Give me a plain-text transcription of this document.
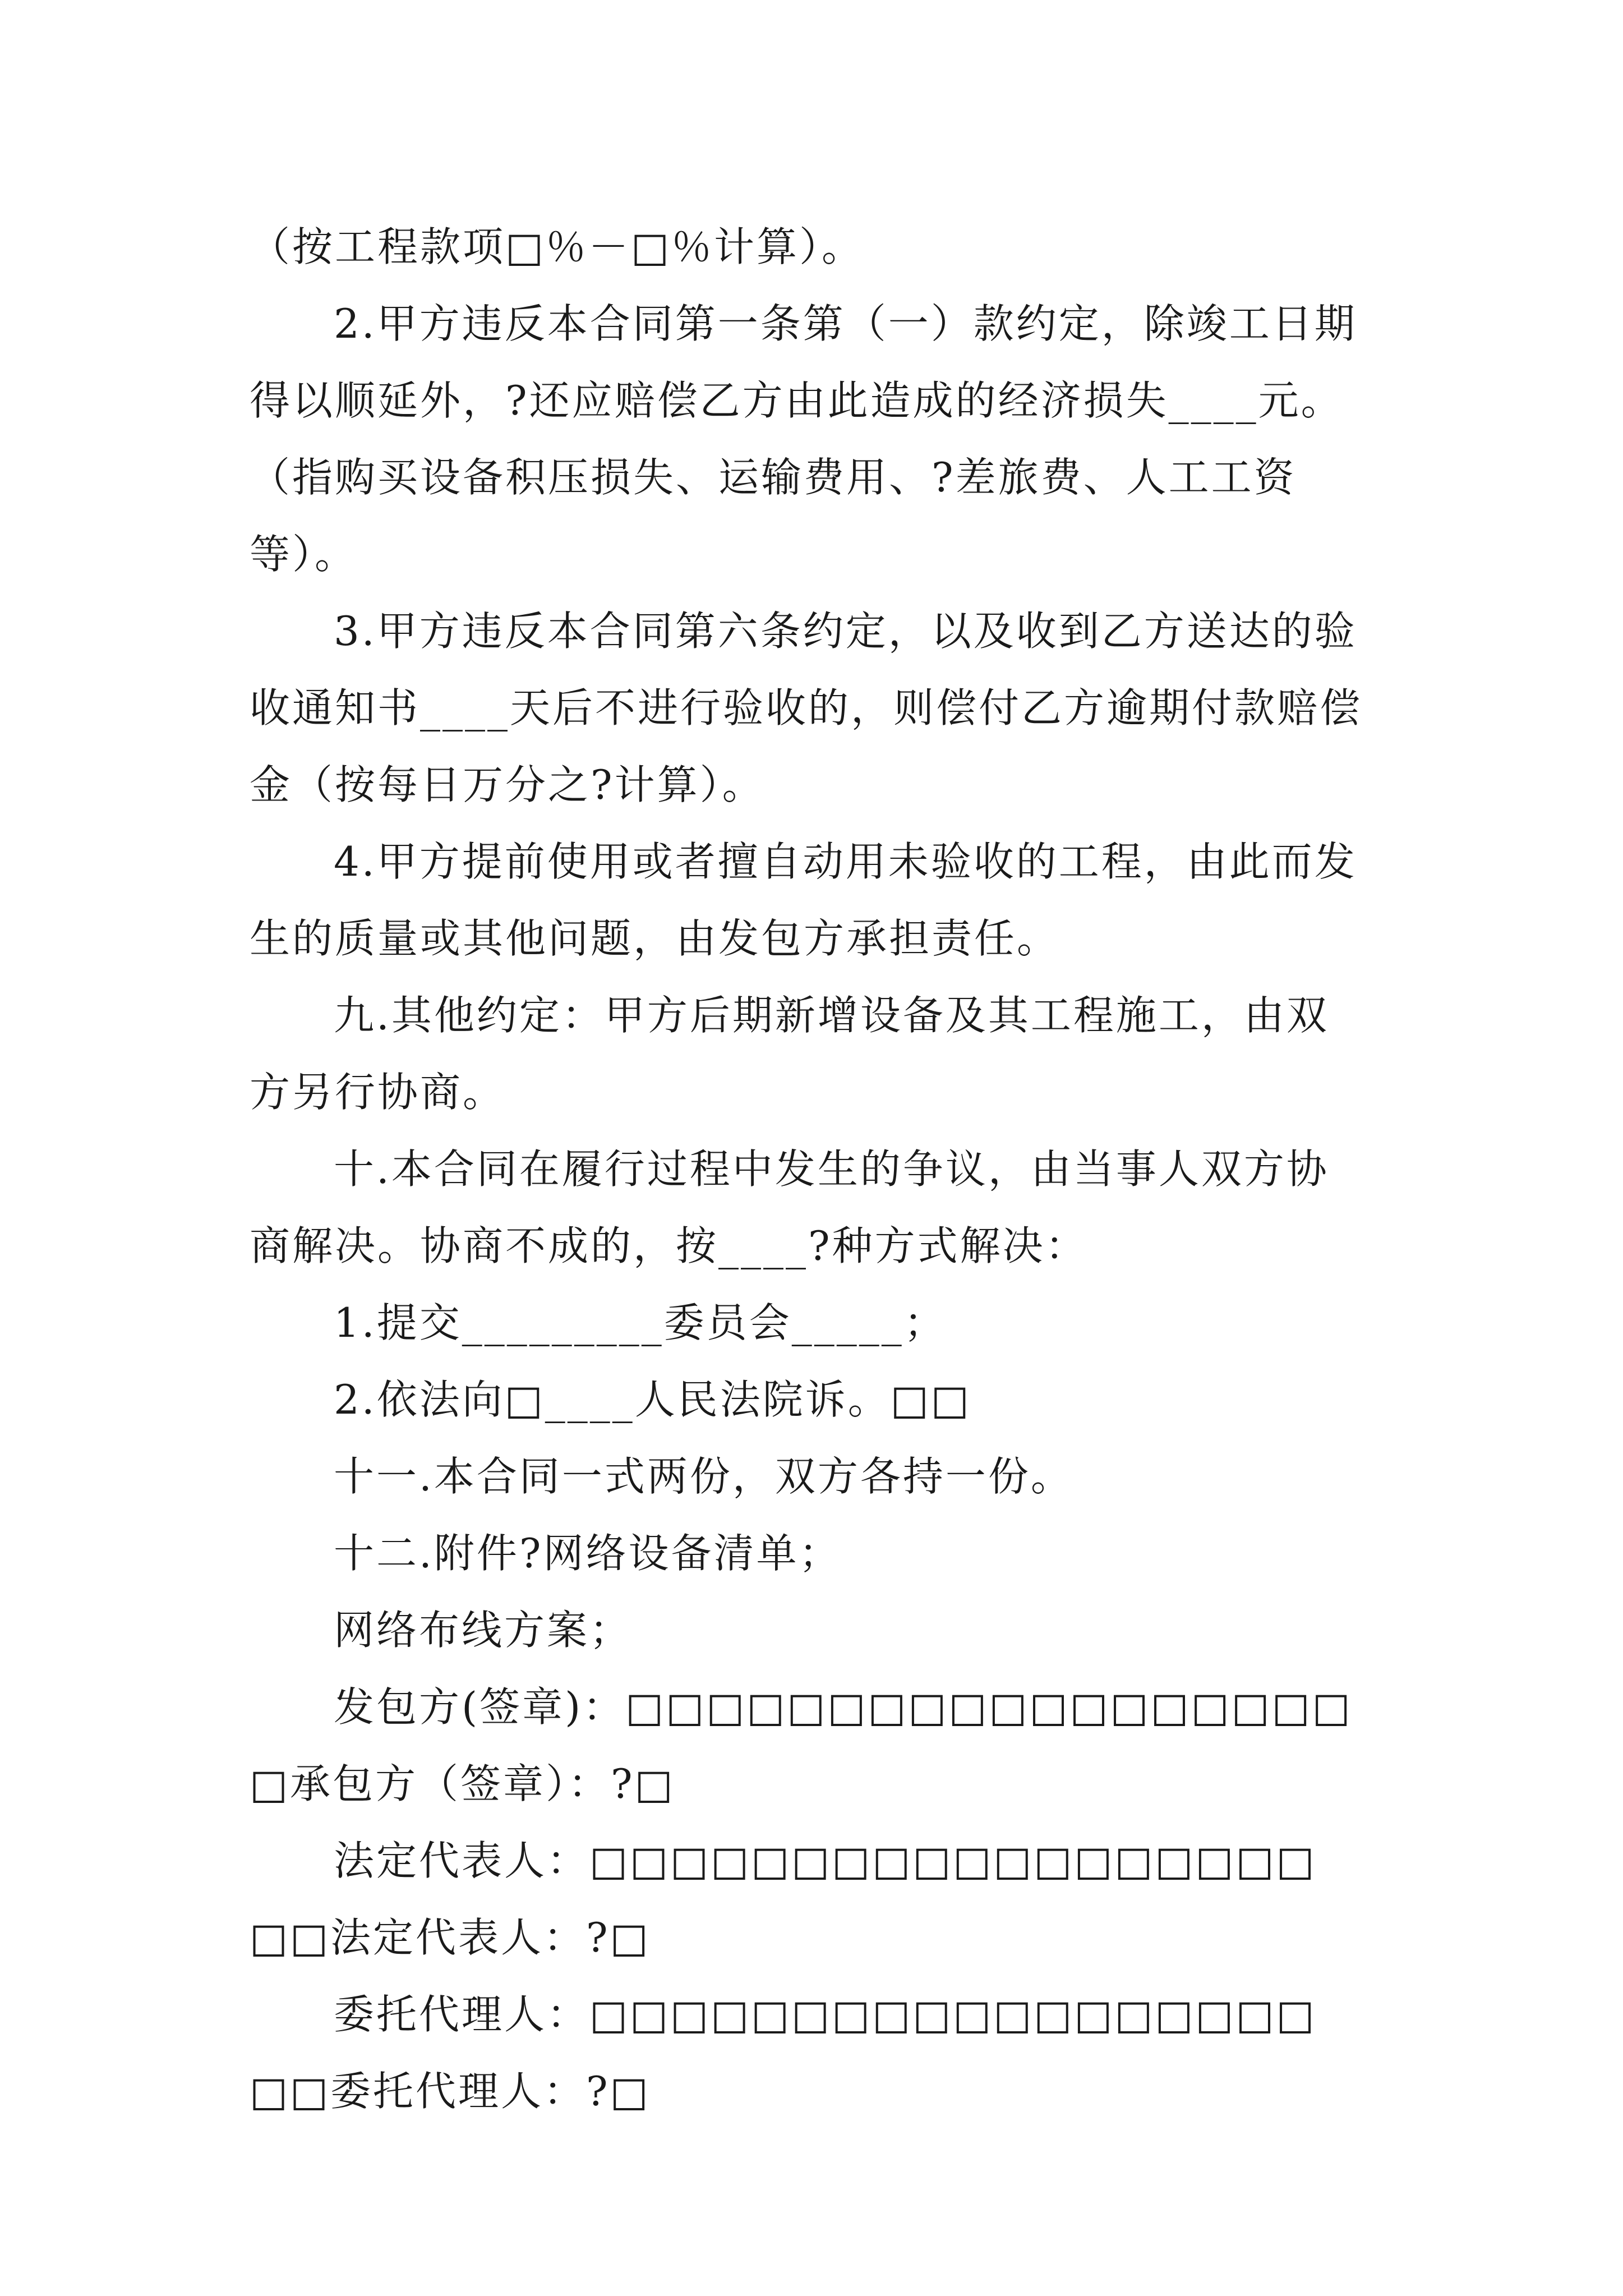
（按工程款项□％－□％计算）。

2.甲方违反本合同第一条第（一）款约定，除竣工日期

得以顺延外，?还应赔偿乙方由此造成的经济损失____元。

（指购买设备积压损失、运输费用、?差旅费、人工工资等）。

3.甲方违反本合同第六条约定，以及收到乙方送达的验

收通知书____天后不进行验收的，则偿付乙方逾期付款赔偿

金（按每日万分之?计算）。

4.甲方提前使用或者擅自动用未验收的工程，由此而发

生的质量或其他问题，由发包方承担责任。

九.其他约定：甲方后期新增设备及其工程施工，由双

方另行协商。

十.本合同在履行过程中发生的争议，由当事人双方协

商解决。协商不成的，按____?种方式解决：

1.提交_________委员会_____；

2.依法向□____人民法院诉。□□

十一.本合同一式两份，双方各持一份。

十二.附件?网络设备清单；

网络布线方案；

发包方(签章)：□□□□□□□□□□□□□□□□□□

□承包方（签章）：?□

法定代表人：□□□□□□□□□□□□□□□□□□

□□法定代表人：?□

委托代理人：□□□□□□□□□□□□□□□□□□

□□委托代理人：?□
